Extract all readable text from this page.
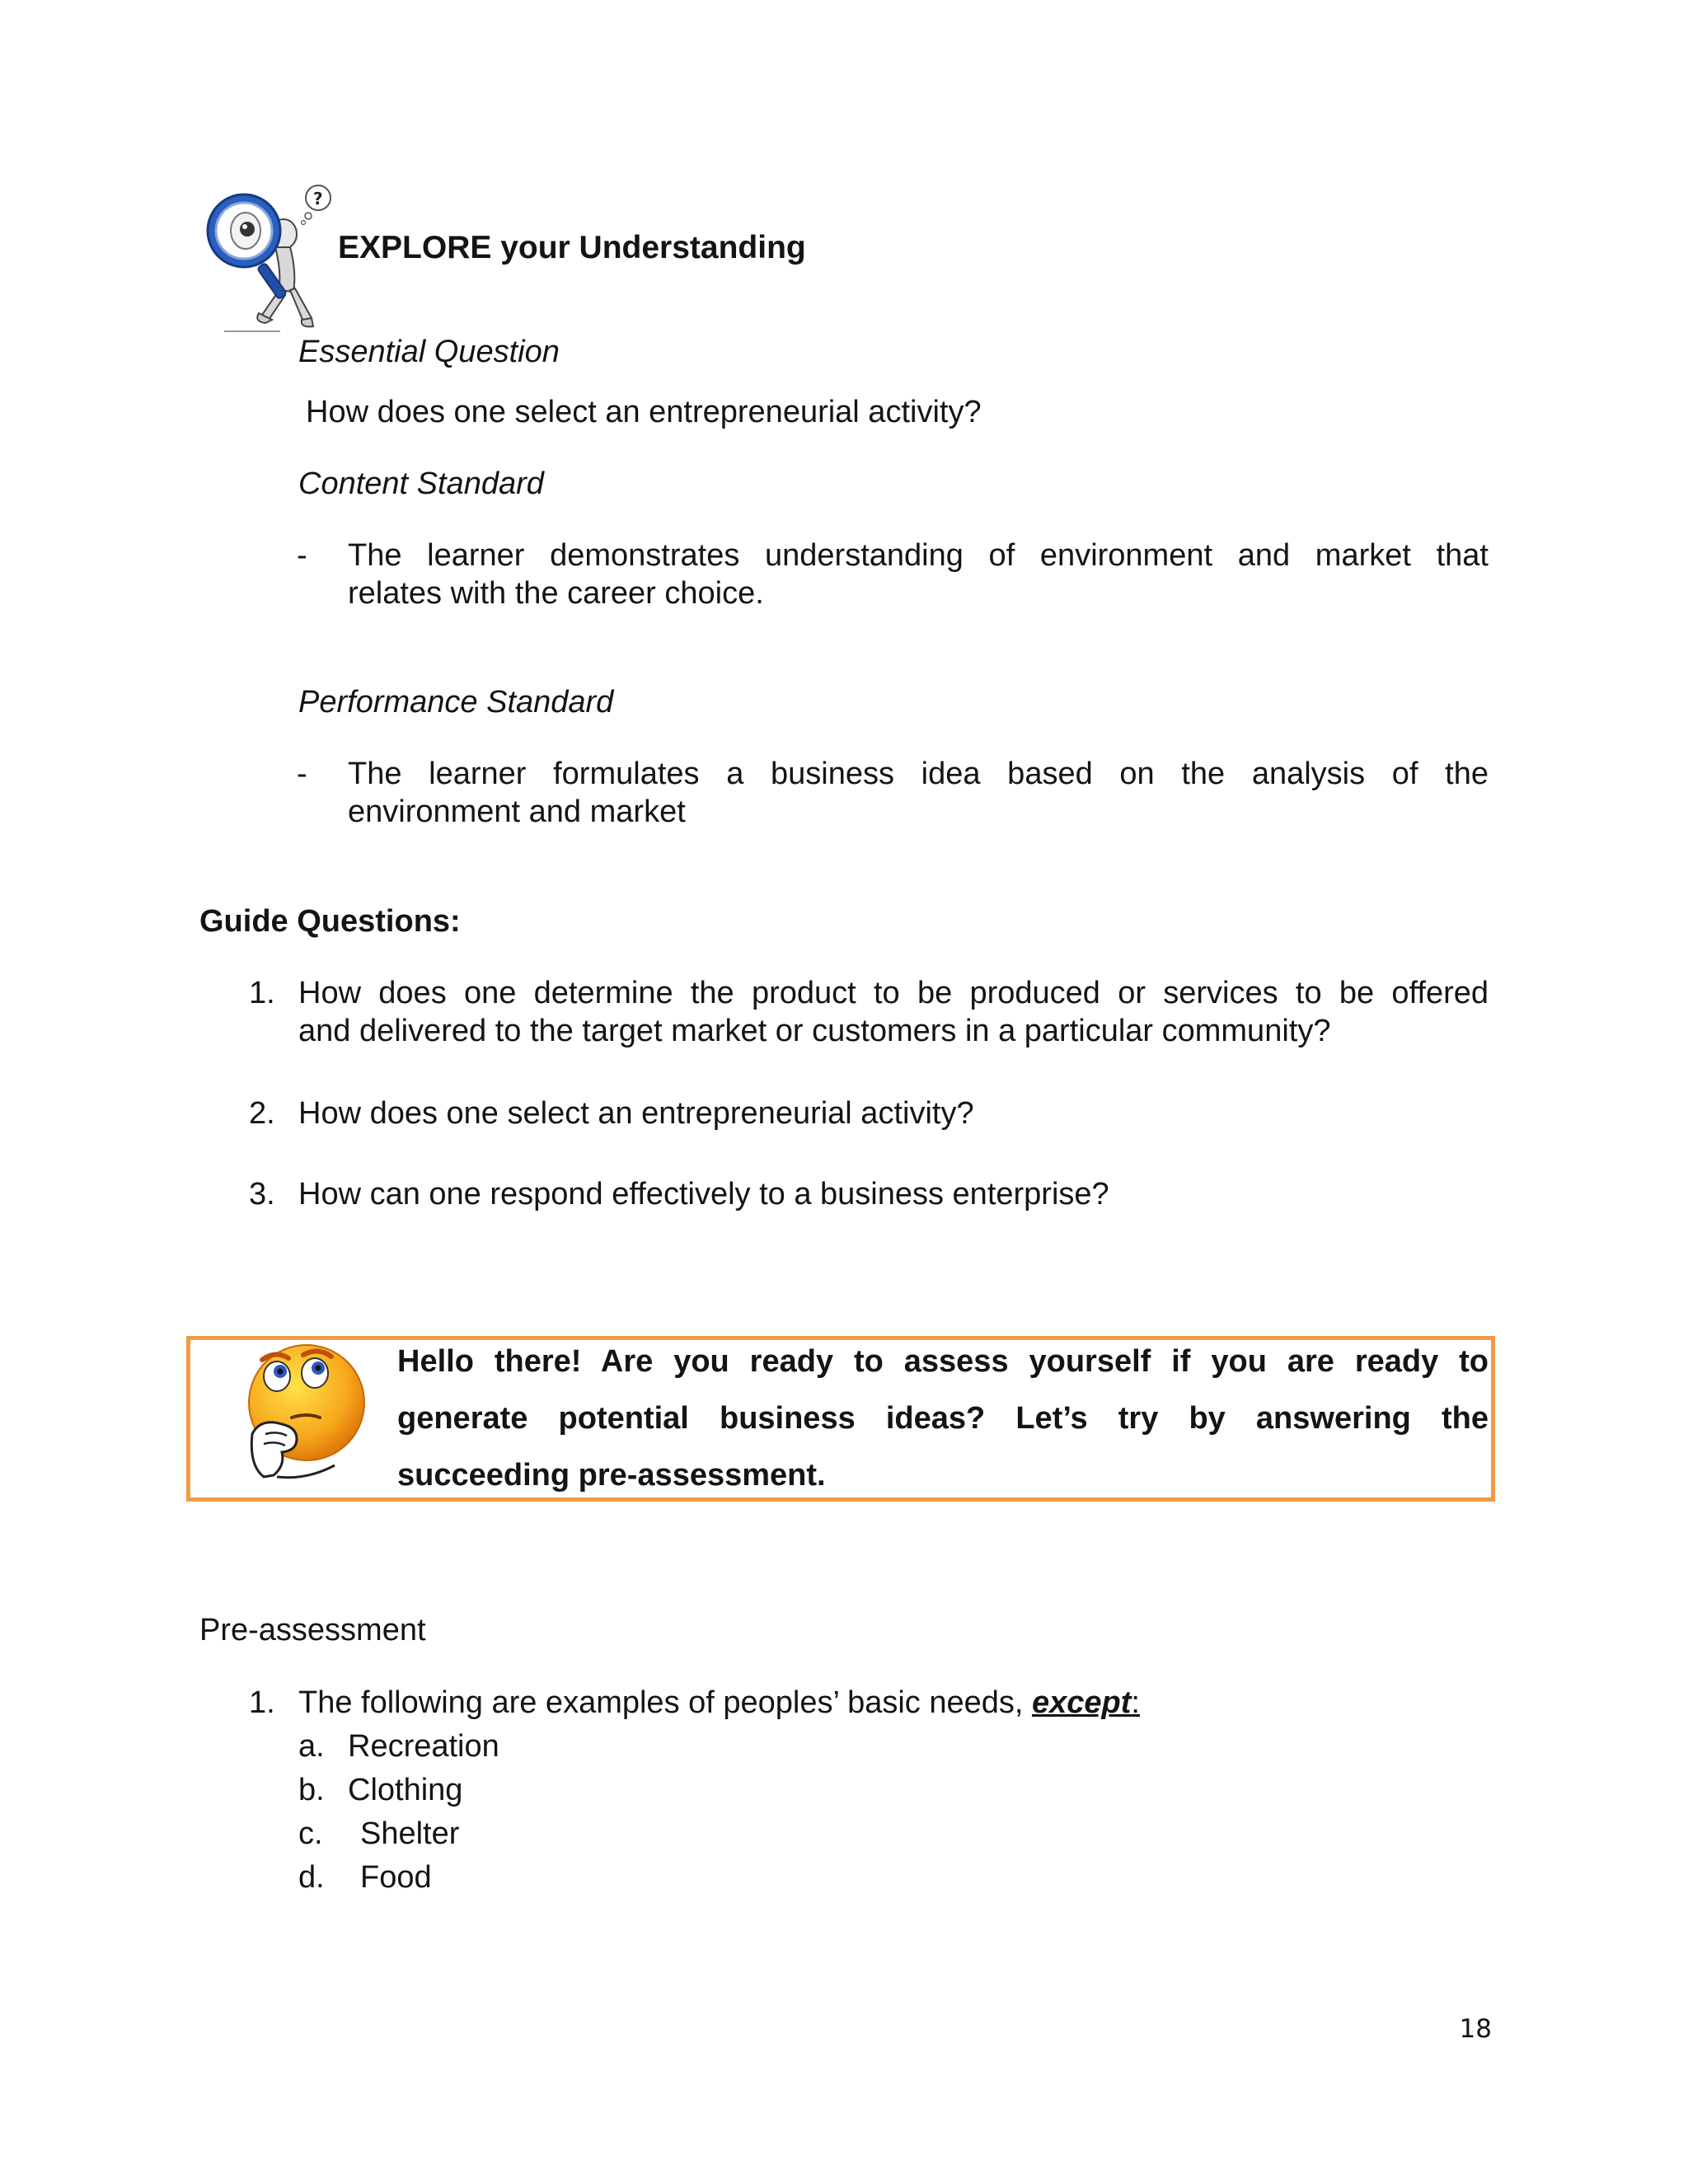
?
EXPLORE your Understanding
Essential Question
How does one select an entrepreneurial activity?
Content Standard
- The learner demonstrates understanding of environment and market that
relates with the career choice.
Performance Standard
- The learner formulates a business idea based on the analysis of the
environment and market
Guide Questions:
1. How does one determine the product to be produced or services to be offered
and delivered to the target market or customers in a particular community?
2. How does one select an entrepreneurial activity?
3. How can one respond effectively to a business enterprise?
Hello there! Are you ready to assess yourself if you are ready to
generate potential business ideas? Let’s try by answering the
succeeding pre-assessment.
Pre-assessment
1. The following are examples of peoples’ basic needs, except:
a. Recreation
b. Clothing
c. Shelter
d. Food
18
